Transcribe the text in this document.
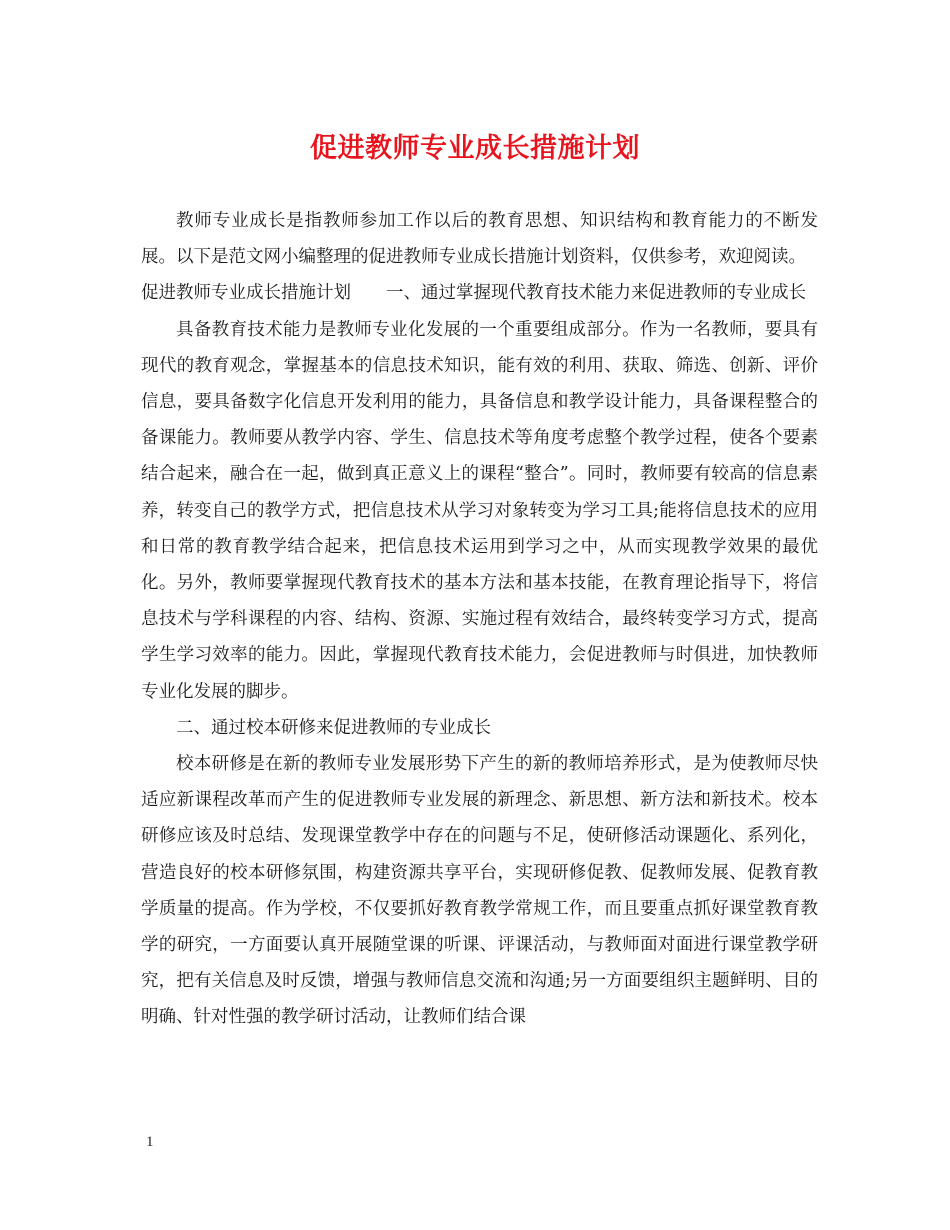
促进教师专业成长措施计划

教师专业成长是指教师参加工作以后的教育思想、知识结构和教育能力的不断发展。以下是范文网小编整理的促进教师专业成长措施计划资料，仅供参考，欢迎阅读。

促进教师专业成长措施计划　　一、通过掌握现代教育技术能力来促进教师的专业成长

具备教育技术能力是教师专业化发展的一个重要组成部分。作为一名教师，要具有现代的教育观念，掌握基本的信息技术知识，能有效的利用、获取、筛选、创新、评价信息，要具备数字化信息开发利用的能力，具备信息和教学设计能力，具备课程整合的备课能力。教师要从教学内容、学生、信息技术等角度考虑整个教学过程，使各个要素结合起来，融合在一起，做到真正意义上的课程“整合”。同时，教师要有较高的信息素养，转变自己的教学方式，把信息技术从学习对象转变为学习工具;能将信息技术的应用和日常的教育教学结合起来，把信息技术运用到学习之中，从而实现教学效果的最优化。另外，教师要掌握现代教育技术的基本方法和基本技能，在教育理论指导下，将信息技术与学科课程的内容、结构、资源、实施过程有效结合，最终转变学习方式，提高学生学习效率的能力。因此，掌握现代教育技术能力，会促进教师与时俱进，加快教师专业化发展的脚步。

二、通过校本研修来促进教师的专业成长

校本研修是在新的教师专业发展形势下产生的新的教师培养形式，是为使教师尽快适应新课程改革而产生的促进教师专业发展的新理念、新思想、新方法和新技术。校本研修应该及时总结、发现课堂教学中存在的问题与不足，使研修活动课题化、系列化，营造良好的校本研修氛围，构建资源共享平台，实现研修促教、促教师发展、促教育教学质量的提高。作为学校，不仅要抓好教育教学常规工作，而且要重点抓好课堂教育教学的研究，一方面要认真开展随堂课的听课、评课活动，与教师面对面进行课堂教学研究，把有关信息及时反馈，增强与教师信息交流和沟通;另一方面要组织主题鲜明、目的明确、针对性强的教学研讨活动，让教师们结合课

1
